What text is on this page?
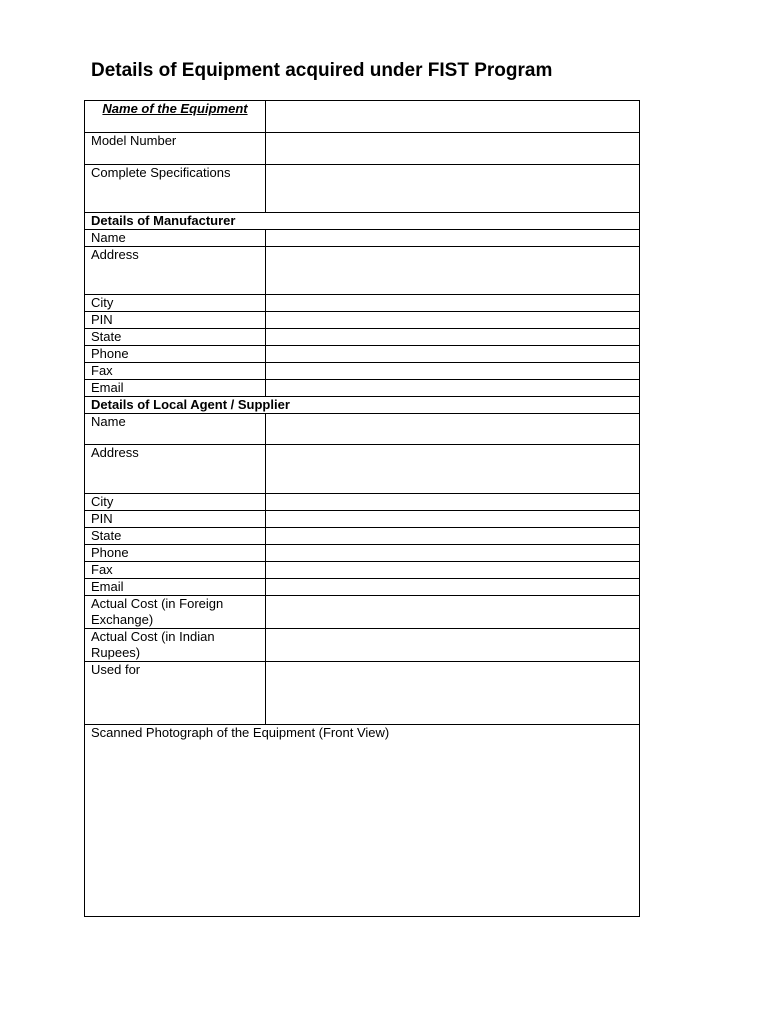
Details of Equipment acquired under FIST Program
Name of the Equipment	
Model Number	
Complete Specifications	
Details of Manufacturer	
Name	
Address	
City	
PIN	
State	
Phone	
Fax	
Email	
Details of Local Agent / Supplier	
Name	
Address	
City	
PIN	
State	
Phone	
Fax	
Email	
Actual Cost (in Foreign Exchange)	
Actual Cost (in Indian Rupees)	
Used for	
Scanned Photograph of the Equipment (Front View)	
